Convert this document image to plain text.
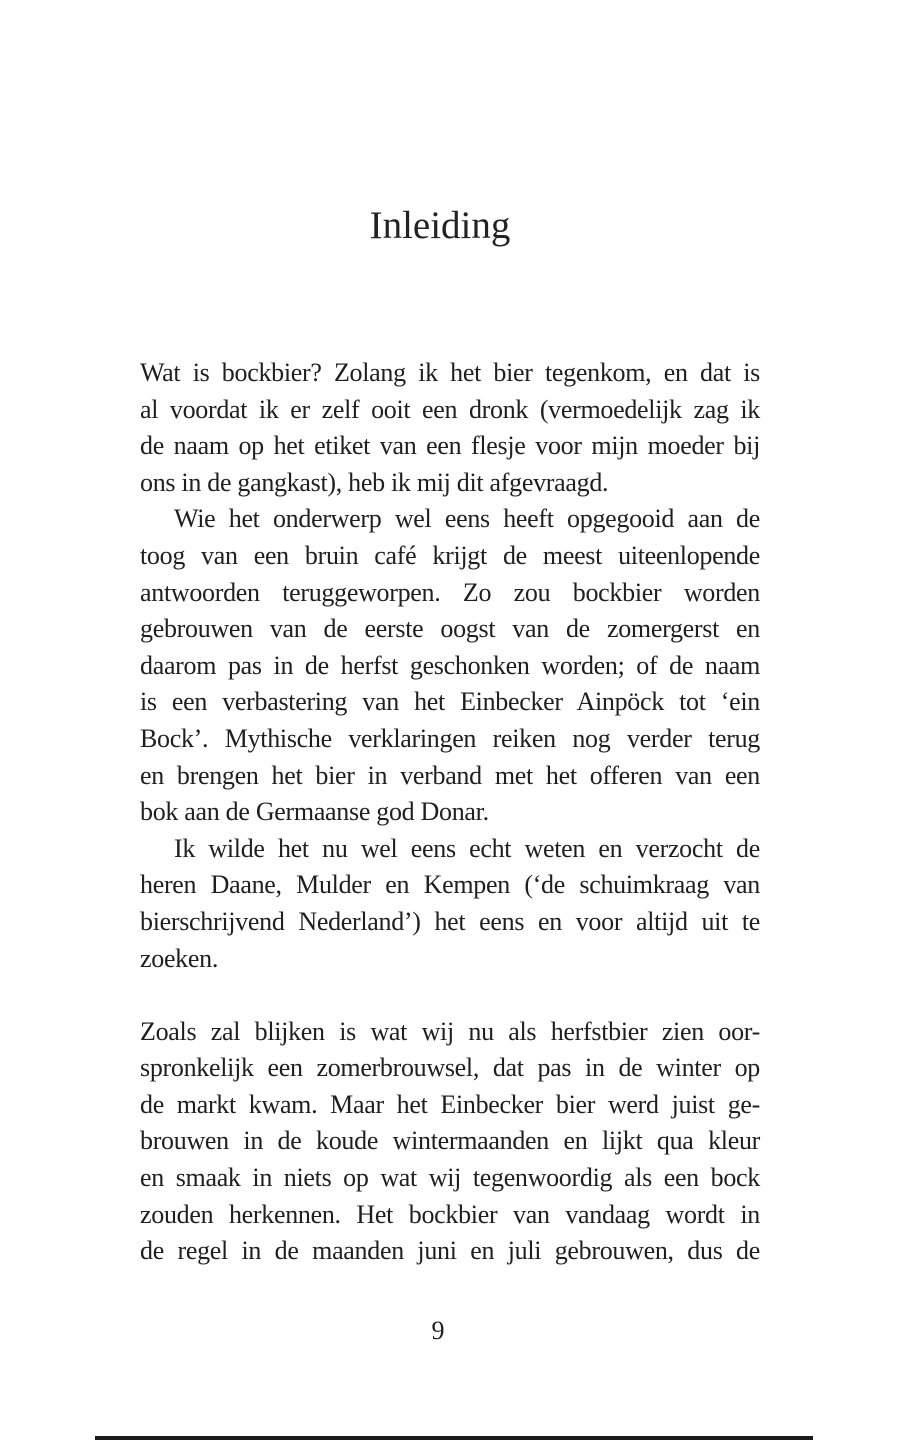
Inleiding
Wat is bockbier? Zolang ik het bier tegenkom, en dat is
al voordat ik er zelf ooit een dronk (vermoedelijk zag ik
de naam op het etiket van een flesje voor mijn moeder bij
ons in de gangkast), heb ik mij dit afgevraagd.
Wie het onderwerp wel eens heeft opgegooid aan de
toog van een bruin café krijgt de meest uiteenlopende
antwoorden teruggeworpen. Zo zou bockbier worden
gebrouwen van de eerste oogst van de zomergerst en
daarom pas in de herfst geschonken worden; of de naam
is een verbastering van het Einbecker Ainpöck tot ‘ein
Bock’. Mythische verklaringen reiken nog verder terug
en brengen het bier in verband met het offeren van een
bok aan de Germaanse god Donar.
Ik wilde het nu wel eens echt weten en verzocht de
heren Daane, Mulder en Kempen (‘de schuimkraag van
bierschrijvend Nederland’) het eens en voor altijd uit te
zoeken.
Zoals zal blijken is wat wij nu als herfstbier zien oor-
spronkelijk een zomerbrouwsel, dat pas in de winter op
de markt kwam. Maar het Einbecker bier werd juist ge-
brouwen in de koude wintermaanden en lijkt qua kleur
en smaak in niets op wat wij tegenwoordig als een bock
zouden herkennen. Het bockbier van vandaag wordt in
de regel in de maanden juni en juli gebrouwen, dus de
9
